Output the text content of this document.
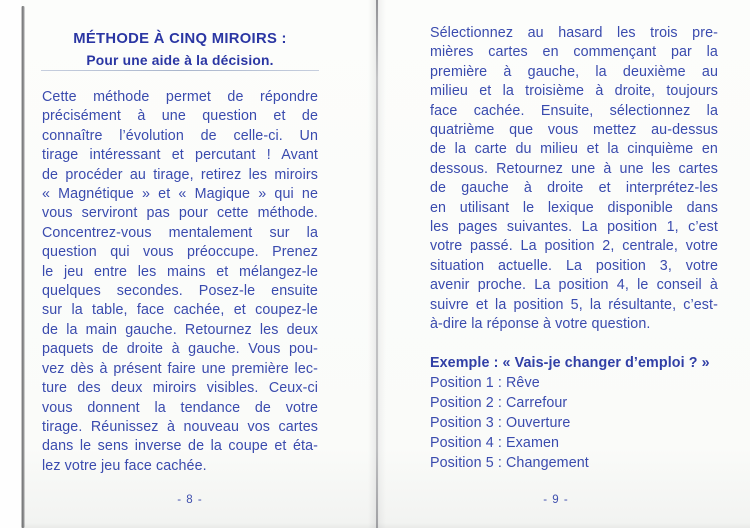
MÉTHODE À CINQ MIROIRS :
Pour une aide à la décision.
Cette méthode permet de répondre
précisément à une question et de
connaître l’évolution de celle-ci. Un
tirage intéressant et percutant ! Avant
de procéder au tirage, retirez les miroirs
« Magnétique » et « Magique » qui ne
vous serviront pas pour cette méthode.
Concentrez-vous mentalement sur la
question qui vous préoccupe. Prenez
le jeu entre les mains et mélangez-le
quelques secondes. Posez-le ensuite
sur la table, face cachée, et coupez-le
de la main gauche. Retournez les deux
paquets de droite à gauche. Vous pou-
vez dès à présent faire une première lec-
ture des deux miroirs visibles. Ceux-ci
vous donnent la tendance de votre
tirage. Réunissez à nouveau vos cartes
dans le sens inverse de la coupe et éta-
lez votre jeu face cachée.
- 8 -
Sélectionnez au hasard les trois pre-
mières cartes en commençant par la
première à gauche, la deuxième au
milieu et la troisième à droite, toujours
face cachée. Ensuite, sélectionnez la
quatrième que vous mettez au-dessus
de la carte du milieu et la cinquième en
dessous. Retournez une à une les cartes
de gauche à droite et interprétez-les
en utilisant le lexique disponible dans
les pages suivantes. La position 1, c’est
votre passé. La position 2, centrale, votre
situation actuelle. La position 3, votre
avenir proche. La position 4, le conseil à
suivre et la position 5, la résultante, c’est-
à-dire la réponse à votre question.
Exemple : « Vais-je changer d’emploi ? »
Position 1 : Rêve
Position 2 : Carrefour
Position 3 : Ouverture
Position 4 : Examen
Position 5 : Changement
- 9 -
